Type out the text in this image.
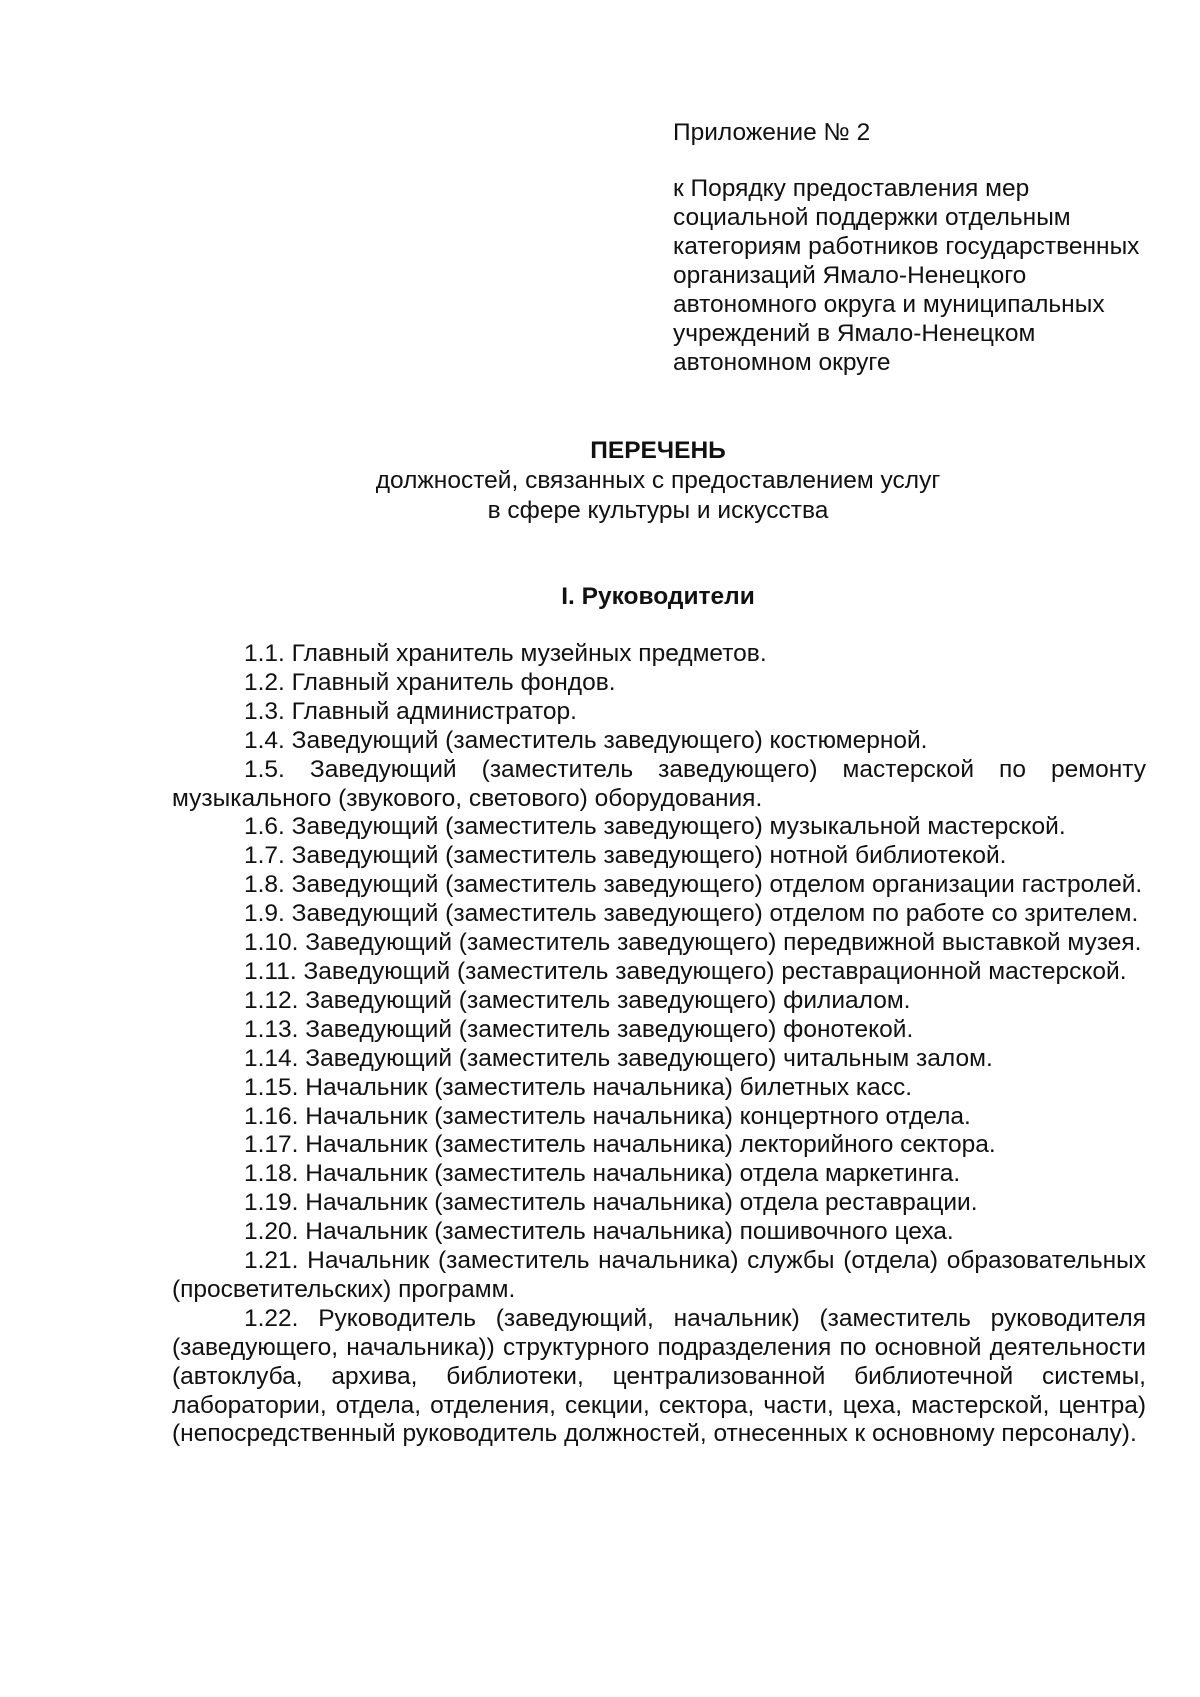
Приложение № 2

к Порядку предоставления мер социальной поддержки отдельным категориям работников государственных организаций Ямало-Ненецкого автономного округа и муниципальных учреждений в Ямало-Ненецком автономном округе

ПЕРЕЧЕНЬ

должностей, связанных с предоставлением услуг

в сфере культуры и искусства

I. Руководители

1.1. Главный хранитель музейных предметов.

1.2. Главный хранитель фондов.

1.3. Главный администратор.

1.4. Заведующий (заместитель заведующего) костюмерной.

1.5. Заведующий (заместитель заведующего) мастерской по ремонту музыкального (звукового, светового) оборудования.

1.6. Заведующий (заместитель заведующего) музыкальной мастерской.

1.7. Заведующий (заместитель заведующего) нотной библиотекой.

1.8. Заведующий (заместитель заведующего) отделом организации гастролей.

1.9. Заведующий (заместитель заведующего) отделом по работе со зрителем.

1.10. Заведующий (заместитель заведующего) передвижной выставкой музея.

1.11. Заведующий (заместитель заведующего) реставрационной мастерской.

1.12. Заведующий (заместитель заведующего) филиалом.

1.13. Заведующий (заместитель заведующего) фонотекой.

1.14. Заведующий (заместитель заведующего) читальным залом.

1.15. Начальник (заместитель начальника) билетных касс.

1.16. Начальник (заместитель начальника) концертного отдела.

1.17. Начальник (заместитель начальника) лекторийного сектора.

1.18. Начальник (заместитель начальника) отдела маркетинга.

1.19. Начальник (заместитель начальника) отдела реставрации.

1.20. Начальник (заместитель начальника) пошивочного цеха.

1.21. Начальник (заместитель начальника) службы (отдела) образовательных (просветительских) программ.

1.22. Руководитель (заведующий, начальник) (заместитель руководителя (заведующего, начальника)) структурного подразделения по основной деятельности (автоклуба, архива, библиотеки, централизованной библиотечной системы, лаборатории, отдела, отделения, секции, сектора, части, цеха, мастерской, центра) (непосредственный руководитель должностей, отнесенных к основному персоналу).
